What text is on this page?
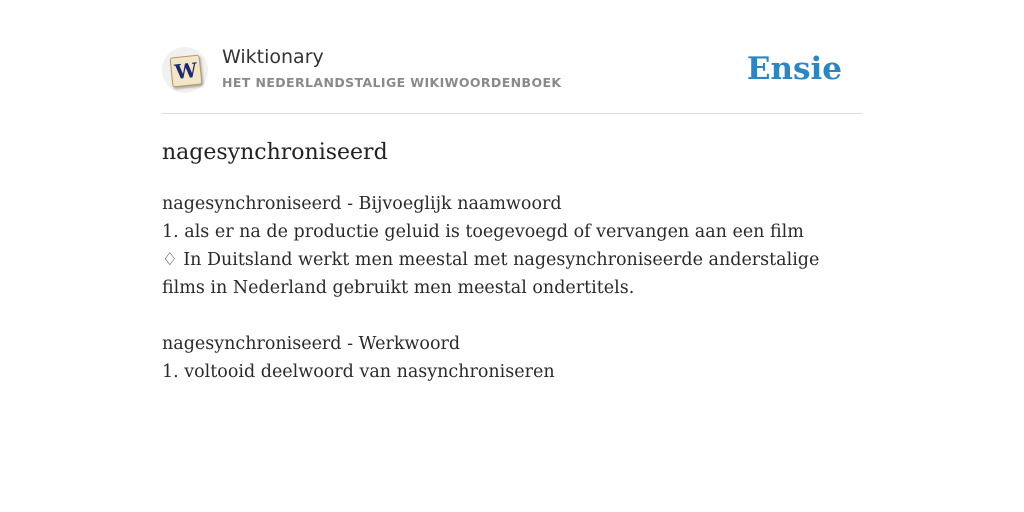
W
Wiktionary
HET NEDERLANDSTALIGE WIKIWOORDENBOEK	Ensie
nagesynchroniseerd

nagesynchroniseerd - Bijvoeglijk naamwoord

1. als er na de productie geluid is toegevoegd of vervangen aan een film

♢ In Duitsland werkt men meestal met nagesynchroniseerde anderstalige films in Nederland gebruikt men meestal ondertitels.

nagesynchroniseerd - Werkwoord

1. voltooid deelwoord van nasynchroniseren
